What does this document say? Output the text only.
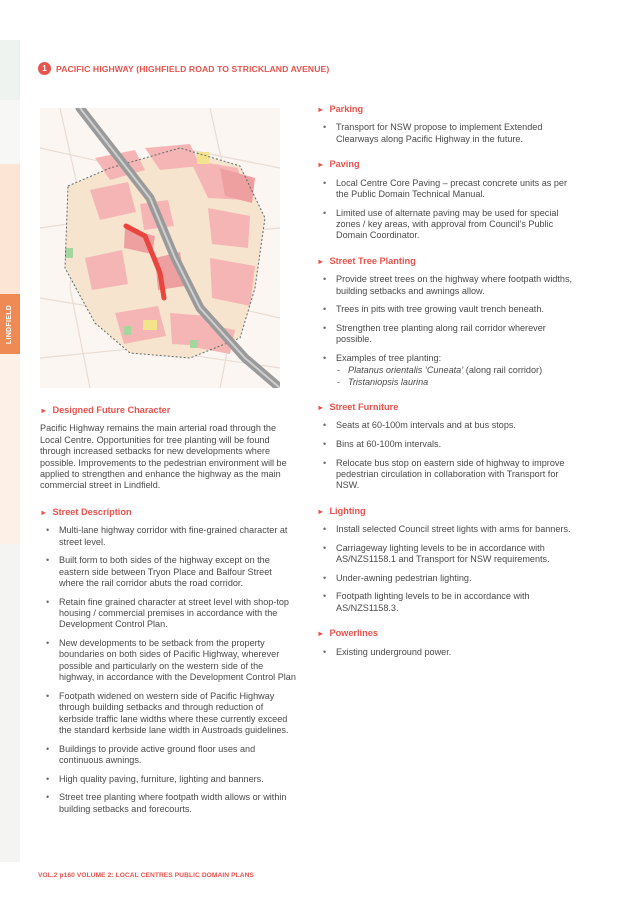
LINDFIELD
1	PACIFIC HIGHWAY (HIGHFIELD ROAD TO STRICKLAND AVENUE)
► Designed Future Character

Pacific Highway remains the main arterial road through the Local Centre. Opportunities for tree planting will be found through increased setbacks for new developments where possible. Improvements to the pedestrian environment will be applied to strengthen and enhance the highway as the main commercial street in Lindfield.

► Street Description
• Multi-lane highway corridor with fine-grained character at street level.
• Built form to both sides of the highway except on the eastern side between Tryon Place and Balfour Street where the rail corridor abuts the road corridor.
• Retain fine grained character at street level with shop-top housing / commercial premises in accordance with the Development Control Plan.
• New developments to be setback from the property boundaries on both sides of Pacific Highway, wherever possible and particularly on the western side of the highway, in accordance with the Development Control Plan
• Footpath widened on western side of Pacific Highway through building setbacks and through reduction of kerbside traffic lane widths where these currently exceed the standard kerbside lane width in Austroads guidelines.
• Buildings to provide active ground floor uses and continuous awnings.
• High quality paving, furniture, lighting and banners.
• Street tree planting where footpath width allows or within building setbacks and forecourts.
► Parking
• Transport for NSW propose to implement Extended Clearways along Pacific Highway in the future.
► Paving
• Local Centre Core Paving – precast concrete units as per the Public Domain Technical Manual.
• Limited use of alternate paving may be used for special zones / key areas, with approval from Council’s Public Domain Coordinator.
► Street Tree Planting
• Provide street trees on the highway where footpath widths, building setbacks and awnings allow.
• Trees in pits with tree growing vault trench beneath.
• Strengthen tree planting along rail corridor wherever possible.
• Examples of tree planting:
- Platanus orientalis ‘Cuneata’ (along rail corridor)
- Tristaniopsis laurina
► Street Furniture
• Seats at 60-100m intervals and at bus stops.
• Bins at 60-100m intervals.
• Relocate bus stop on eastern side of highway to improve pedestrian circulation in collaboration with Transport for NSW.
► Lighting
• Install selected Council street lights with arms for banners.
• Carriageway lighting levels to be in accordance with AS/NZS1158.1 and Transport for NSW requirements.
• Under-awning pedestrian lighting.
• Footpath lighting levels to be in accordance with AS/NZS1158.3.
► Powerlines
• Existing underground power.
VOL.2 p160 VOLUME 2: LOCAL CENTRES PUBLIC DOMAIN PLANS
